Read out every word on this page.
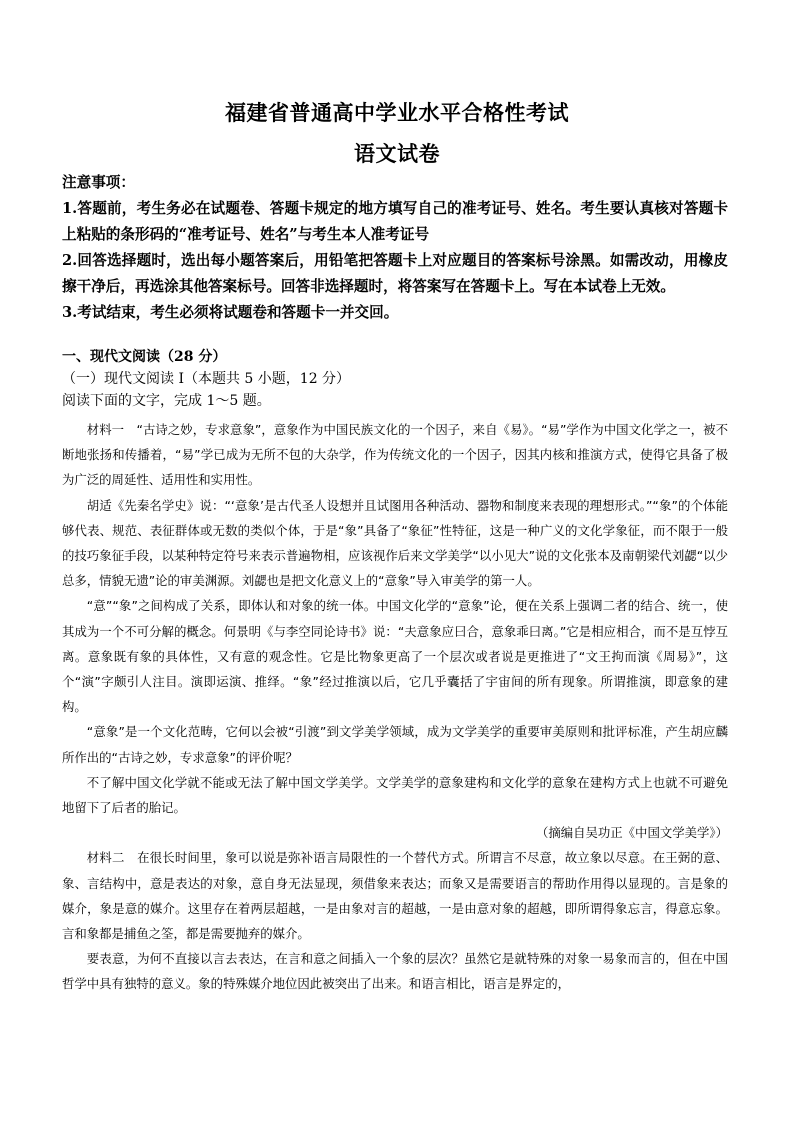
福建省普通高中学业水平合格性考试
语文试卷

注意事项：

1.答题前，考生务必在试题卷、答题卡规定的地方填写自己的准考证号、姓名。考生要认真核对答题卡上粘贴的条形码的“准考证号、姓名”与考生本人准考证号

2.回答选择题时，选出每小题答案后，用铅笔把答题卡上对应题目的答案标号涂黑。如需改动，用橡皮擦干净后，再选涂其他答案标号。回答非选择题时，将答案写在答题卡上。写在本试卷上无效。

3.考试结束，考生必须将试题卷和答题卡一并交回。

一、现代文阅读（28 分）

（一）现代文阅读 I（本题共 5 小题，12 分）

阅读下面的文字，完成 1～5 题。

材料一　“古诗之妙，专求意象”，意象作为中国民族文化的一个因子，来自《易》。“易”学作为中国文化学之一，被不断地张扬和传播着，“易”学已成为无所不包的大杂学，作为传统文化的一个因子，因其内核和推演方式，使得它具备了极为广泛的周延性、适用性和实用性。

胡适《先秦名学史》说：“‘意象’是古代圣人设想并且试图用各种活动、器物和制度来表现的理想形式。”“象”的个体能够代表、规范、表征群体或无数的类似个体，于是“象”具备了“象征”性特征，这是一种广义的文化学象征，而不限于一般的技巧象征手段，以某种特定符号来表示普遍物相，应该视作后来文学美学“以小见大”说的文化张本及南朝梁代刘勰“以少总多，情貌无遗”论的审美渊源。刘勰也是把文化意义上的“意象”导入审美学的第一人。

“意”“象”之间构成了关系，即体认和对象的统一体。中国文化学的“意象”论，便在关系上强调二者的结合、统一，使其成为一个不可分解的概念。何景明《与李空同论诗书》说：“夫意象应曰合，意象乖曰离。”它是相应相合，而不是互悖互离。意象既有象的具体性，又有意的观念性。它是比物象更高了一个层次或者说是更推进了“文王拘而演《周易》”，这个“演”字颇引人注目。演即运演、推绎。“象”经过推演以后，它几乎囊括了宇宙间的所有现象。所谓推演，即意象的建构。

“意象”是一个文化范畴，它何以会被“引渡”到文学美学领域，成为文学美学的重要审美原则和批评标准，产生胡应麟所作出的“古诗之妙，专求意象”的评价呢？

不了解中国文化学就不能或无法了解中国文学美学。文学美学的意象建构和文化学的意象在建构方式上也就不可避免地留下了后者的胎记。

（摘编自吴功正《中国文学美学》）

材料二　在很长时间里，象可以说是弥补语言局限性的一个替代方式。所谓言不尽意，故立象以尽意。在王弼的意、象、言结构中，意是表达的对象，意自身无法显现，须借象来表达；而象又是需要语言的帮助作用得以显现的。言是象的媒介，象是意的媒介。这里存在着两层超越，一是由象对言的超越，一是由意对象的超越，即所谓得象忘言，得意忘象。言和象都是捕鱼之筌，都是需要抛弃的媒介。

要表意，为何不直接以言去表达，在言和意之间插入一个象的层次？虽然它是就特殊的对象一易象而言的，但在中国哲学中具有独特的意义。象的特殊媒介地位因此被突出了出来。和语言相比，语言是界定的，
